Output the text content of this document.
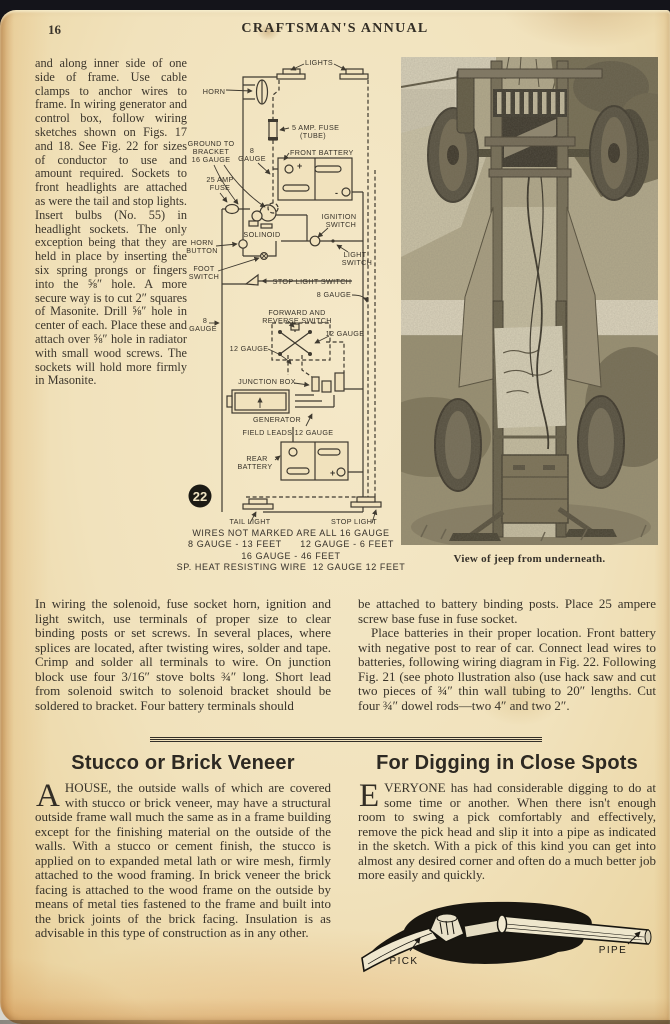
16	CRAFTSMAN'S ANNUAL
and along inner side of one side of frame. Use cable clamps to anchor wires to frame. In wiring generator and control box, follow wiring sketches shown on Figs. 17 and 18. See Fig. 22 for sizes of conductor to use and amount required. Sockets to front headlights are attached as were the tail and stop lights. Insert bulbs (No. 55) in headlight sockets. The only exception being that they are held in place by inserting the six spring prongs or fingers into the ⅝″ hole. A more secure way is to cut 2″ squares of Masonite. Drill ⅝″ hole in center of each. Place these and attach over ⅝″ hole in radiator with small wood screws. The sockets will hold more firmly in Masonite.
LIGHTS
HORN
5 AMP. FUSE
(TUBE)
GROUND TO
BRACKET
16 GAUGE
8
GAUGE
FRONT BATTERY
25 AMP
FUSE
SOLINOID
IGNITION
SWITCH
HORN
BUTTON
FOOT
SWITCH
LIGHT
SWITCH
STOP LIGHT SWITCH
8 GAUGE
8
GAUGE
FORWARD AND
REVERSE SWITCH
12 GAUGE
12 GAUGE
JUNCTION BOX
GENERATOR
FIELD LEADS 12 GAUGE
REAR
BATTERY
TAIL LIGHT	STOP LIGHT
+
-
+
22
WIRES NOT MARKED ARE ALL 16 GAUGE
8 GAUGE - 13 FEET      12 GAUGE - 6 FEET
16 GAUGE - 46 FEET
SP. HEAT RESISTING WIRE  12 GAUGE 12 FEET
View of jeep from underneath.
In wiring the solenoid, fuse socket horn, ignition and light switch, use terminals of proper size to clear binding posts or set screws. In several places, where splices are located, after twisting wires, solder and tape. Crimp and solder all terminals to wire. On junction block use four 3/16″ stove bolts ¾″ long. Short lead from solenoid switch to solenoid bracket should be soldered to bracket. Four battery terminals should

be attached to battery binding posts. Place 25 ampere screw base fuse in fuse socket.

Place batteries in their proper location. Front battery with negative post to rear of car. Connect lead wires to batteries, following wiring diagram in Fig. 22. Following Fig. 21 (see photo llustration also (use hack saw and cut two pieces of ¾″ thin wall tubing to 20″ lengths. Cut four ¾″ dowel rods—two 4″ and two 2″.

Stucco or Brick Veneer	For Digging in Close Spots
AHOUSE, the outside walls of which are covered with stucco or brick veneer, may have a structural outside frame wall much the same as in a frame building except for the finishing material on the outside of the walls. With a stucco or cement finish, the stucco is applied on to expanded metal lath or wire mesh, firmly attached to the wood framing. In brick veneer the brick facing is attached to the wood frame on the outside by means of metal ties fastened to the frame and built into the brick joints of the brick facing. Insulation is as advisable in this type of construction as in any other.
EVERYONE has had considerable digging to do at some time or another. When there isn't enough room to swing a pick comfortably and effectively, remove the pick head and slip it into a pipe as indicated in the sketch. With a pick of this kind you can get into almost any desired corner and often do a much better job more easily and quickly.
PICK
PIPE
